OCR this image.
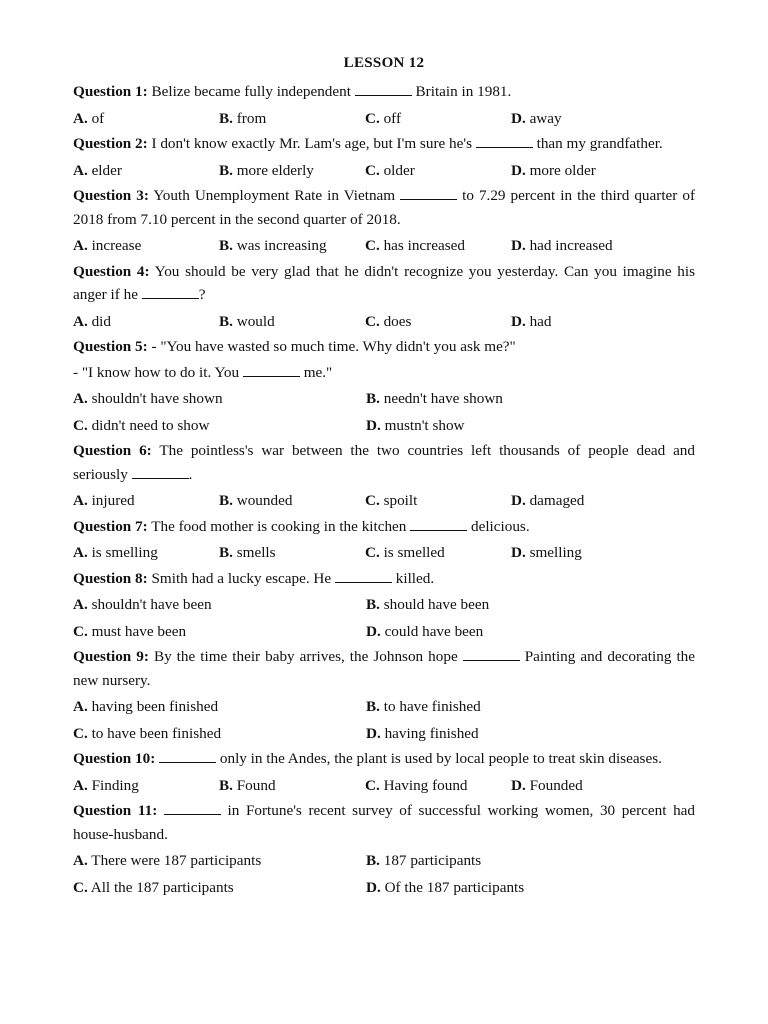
LESSON 12
Question 1: Belize became fully independent	Britain in 1981.
A. of	B. from	C. off	D. away
Question 2: I don't know exactly Mr. Lam's age, but I'm sure he's	than my grandfather.
A. elder	B. more elderly	C. older	D. more older
Question 3: Youth Unemployment Rate in Vietnam	to 7.29 percent in the third quarter of 2018 from 7.10 percent in the second quarter of 2018.
A. increase	B. was increasing	C. has increased	D. had increased
Question 4: You should be very glad that he didn't recognize you yesterday. Can you imagine his anger if he	?
A. did	B. would	C. does	D. had
Question 5: - "You have wasted so much time. Why didn't you ask me?"
- "I know how to do it. You	me."
A. shouldn't have shown	B. needn't have shown
C. didn't need to show	D. mustn't show
Question 6: The pointless's war between the two countries left thousands of people dead and seriously	.
A. injured	B. wounded	C. spoilt	D. damaged
Question 7: The food mother is cooking in the kitchen	delicious.
A. is smelling	B. smells	C. is smelled	D. smelling
Question 8: Smith had a lucky escape. He	killed.
A. shouldn't have been	B. should have been
C. must have been	D. could have been
Question 9: By the time their baby arrives, the Johnson hope	Painting and decorating the new nursery.
A. having been finished	B. to have finished
C. to have been finished	D. having finished
Question 10:	only in the Andes, the plant is used by local people to treat skin diseases.
A. Finding	B. Found	C. Having found	D. Founded
Question 11:	in Fortune's recent survey of successful working women, 30 percent had house-husband.
A. There were 187 participants	B. 187 participants
C. All the 187 participants	D. Of the 187 participants
